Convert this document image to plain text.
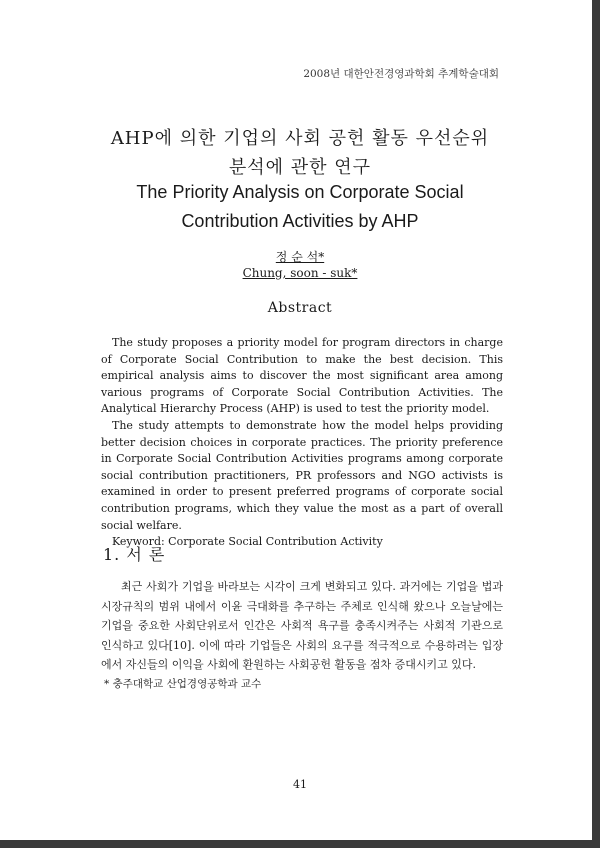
2008년 대한안전경영과학회 추계학술대회
AHP에 의한 기업의 사회 공헌 활동 우선순위
분석에 관한 연구
The Priority Analysis on Corporate Social
Contribution Activities by AHP
정 순 석*
Chung, soon - suk*
Abstract

The study proposes a priority model for program directors in charge of Corporate Social Contribution to make the best decision. This empirical analysis aims to discover the most significant area among various programs of Corporate Social Contribution Activities. The Analytical Hierarchy Process (AHP) is used to test the priority model.

The study attempts to demonstrate how the model helps providing better decision choices in corporate practices. The priority preference in Corporate Social Contribution Activities programs among corporate social contribution practitioners, PR professors and NGO activists is examined in order to present preferred programs of corporate social contribution programs, which they value the most as a part of overall social welfare.

Keyword: Corporate Social Contribution Activity

1. 서 론
최근 사회가 기업을 바라보는 시각이 크게 변화되고 있다. 과거에는 기업을 법과 시장규칙의 범위 내에서 이윤 극대화를 추구하는 주체로 인식해 왔으나 오늘날에는 기업을 중요한 사회단위로서 인간은 사회적 욕구를 충족시켜주는 사회적 기관으로 인식하고 있다[10]. 이에 따라 기업들은 사회의 요구를 적극적으로 수용하려는 입장에서 자신들의 이익을 사회에 환원하는 사회공헌 활동을 점차 증대시키고 있다.
* 충주대학교 산업경영공학과 교수
41
